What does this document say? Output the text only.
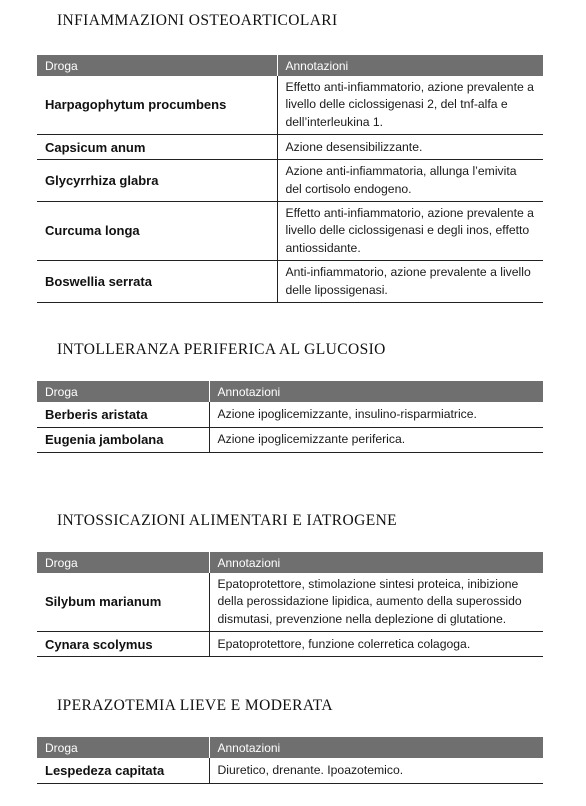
INFIAMMAZIONI OSTEOARTICOLARI
Droga	Annotazioni
Harpagophytum procumbens	Effetto anti-infiammatorio, azione prevalente a livello delle ciclossigenasi 2, del tnf-alfa e dell’interleukina 1.
Capsicum anum	Azione desensibilizzante.
Glycyrrhiza glabra	Azione anti-infiammatoria, allunga l’emivita del cortisolo endogeno.
Curcuma longa	Effetto anti-infiammatorio, azione prevalente a livello delle ciclossigenasi e degli inos, effetto antiossidante.
Boswellia serrata	Anti-infiammatorio, azione prevalente a livello delle lipossigenasi.
INTOLLERANZA PERIFERICA AL GLUCOSIO
Droga	Annotazioni
Berberis aristata	Azione ipoglicemizzante, insulino-risparmiatrice.
Eugenia jambolana	Azione ipoglicemizzante periferica.
INTOSSICAZIONI ALIMENTARI E IATROGENE
Droga	Annotazioni
Silybum marianum	Epatoprotettore, stimolazione sintesi proteica, inibizione della perossidazione lipidica, aumento della superossido dismutasi, prevenzione nella deplezione di glutatione.
Cynara scolymus	Epatoprotettore, funzione colerretica colagoga.
IPERAZOTEMIA LIEVE E MODERATA
Droga	Annotazioni
Lespedeza capitata	Diuretico, drenante. Ipoazotemico.
